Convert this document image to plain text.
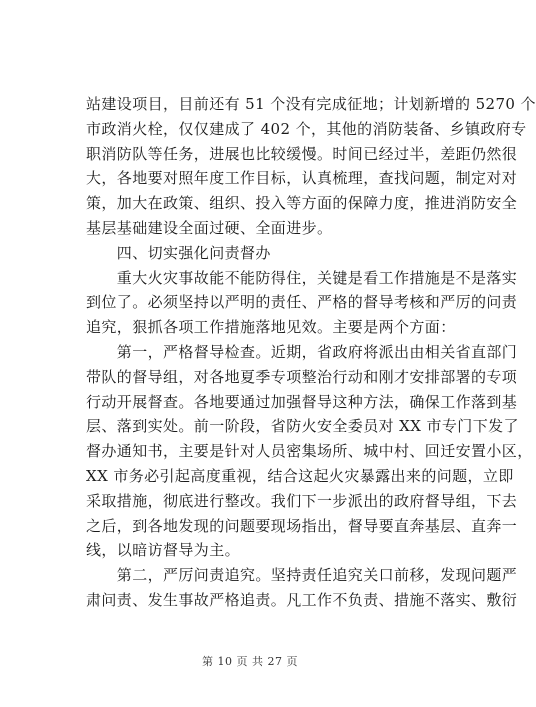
站建设项目，目前还有 51 个没有完成征地；计划新增的 5270 个
市政消火栓，仅仅建成了 402 个，其他的消防装备、乡镇政府专
职消防队等任务，进展也比较缓慢。时间已经过半，差距仍然很
大，各地要对照年度工作目标，认真梳理，查找问题，制定对对
策，加大在政策、组织、投入等方面的保障力度，推进消防安全
基层基础建设全面过硬、全面进步。
　　四、切实强化问责督办
　　重大火灾事故能不能防得住，关键是看工作措施是不是落实
到位了。必须坚持以严明的责任、严格的督导考核和严厉的问责
追究，狠抓各项工作措施落地见效。主要是两个方面：
　　第一，严格督导检查。近期，省政府将派出由相关省直部门
带队的督导组，对各地夏季专项整治行动和刚才安排部署的专项
行动开展督查。各地要通过加强督导这种方法，确保工作落到基
层、落到实处。前一阶段，省防火安全委员对 XX 市专门下发了
督办通知书，主要是针对人员密集场所、城中村、回迁安置小区，
XX 市务必引起高度重视，结合这起火灾暴露出来的问题，立即
采取措施，彻底进行整改。我们下一步派出的政府督导组，下去
之后，到各地发现的问题要现场指出，督导要直奔基层、直奔一
线，以暗访督导为主。
　　第二，严厉问责追究。坚持责任追究关口前移，发现问题严
肃问责、发生事故严格追责。凡工作不负责、措施不落实、敷衍
第 10 页 共 27 页
